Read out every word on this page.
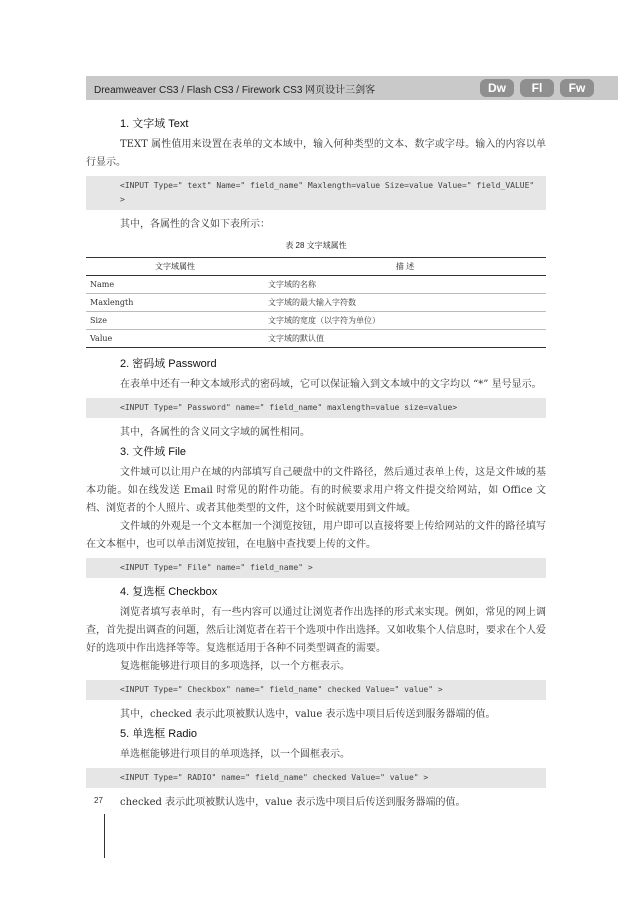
Dreamweaver CS3 / Flash CS3 / Firework CS3 网页设计三剑客	Dw	Fl	Fw
1. 文字域 Text

TEXT 属性值用来设置在表单的文本域中，输入何种类型的文本、数字或字母。输入的内容以单行显示。

<INPUT Type=" text" Name=" field_name" Maxlength=value Size=value Value=" field_VALUE" >

其中，各属性的含义如下表所示：

表 28 文字域属性
文字域属性	描 述
Name	文字域的名称
Maxlength	文字域的最大输入字符数
Size	文字域的宽度（以字符为单位）
Value	文字域的默认值
2. 密码域 Password

在表单中还有一种文本域形式的密码域，它可以保证输入到文本域中的文字均以 “*” 星号显示。

<INPUT Type=" Password" name=" field_name" maxlength=value size=value>

其中，各属性的含义同文字域的属性相同。

3. 文件域 File

文件域可以让用户在域的内部填写自己硬盘中的文件路径，然后通过表单上传，这是文件域的基本功能。如在线发送 Email 时常见的附件功能。有的时候要求用户将文件提交给网站，如 Office 文档、浏览者的个人照片、或者其他类型的文件，这个时候就要用到文件域。

文件域的外观是一个文本框加一个浏览按钮，用户即可以直接将要上传给网站的文件的路径填写在文本框中，也可以单击浏览按钮，在电脑中查找要上传的文件。

<INPUT Type=" File" name=" field_name" >
4. 复选框 Checkbox

浏览者填写表单时，有一些内容可以通过让浏览者作出选择的形式来实现。例如，常见的网上调查，首先提出调查的问题，然后让浏览者在若干个选项中作出选择。又如收集个人信息时，要求在个人爱好的选项中作出选择等等。复选框适用于各种不同类型调查的需要。

复选框能够进行项目的多项选择，以一个方框表示。

<INPUT Type=" Checkbox" name=" field_name" checked Value=" value" >

其中，checked 表示此项被默认选中，value 表示选中项目后传送到服务器端的值。

5. 单选框 Radio

单选框能够进行项目的单项选择，以一个圆框表示。

<INPUT Type=" RADIO" name=" field_name" checked Value=" value" >

checked 表示此项被默认选中，value 表示选中项目后传送到服务器端的值。

27
